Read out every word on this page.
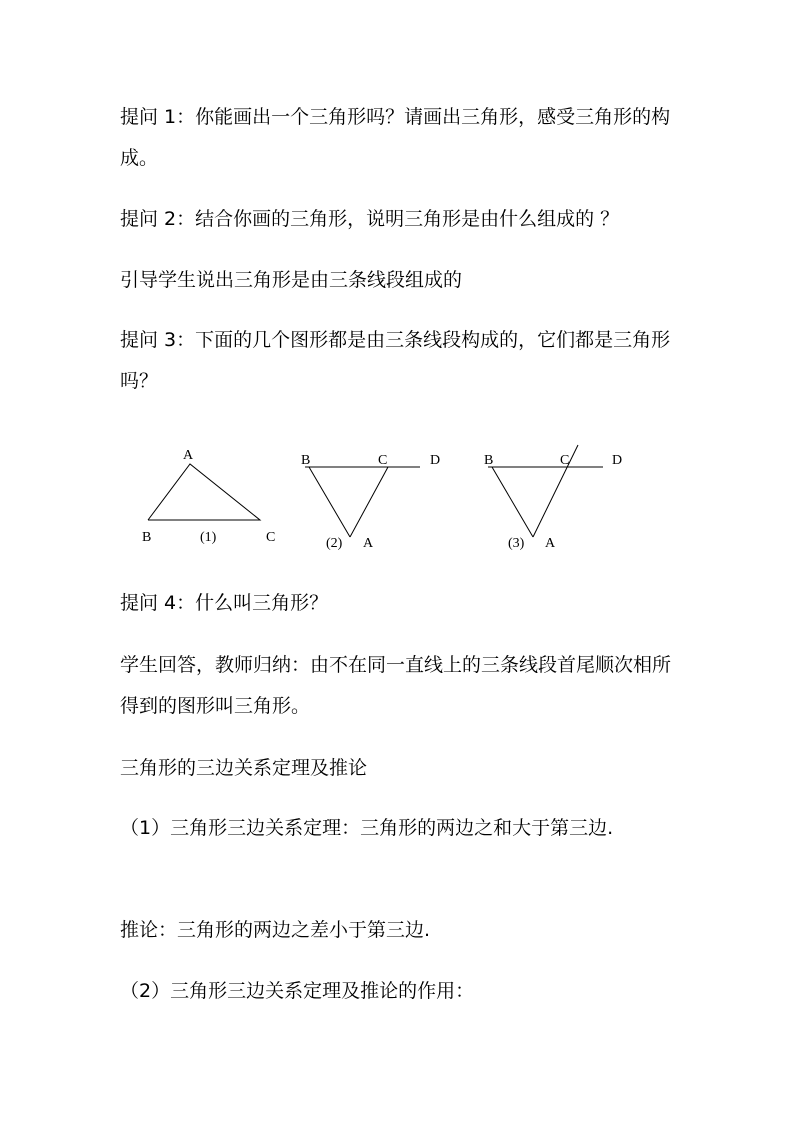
提问 1：你能画出一个三角形吗？请画出三角形，感受三角形的构成。

提问 2：结合你画的三角形，说明三角形是由什么组成的 ？

引导学生说出三角形是由三条线段组成的

提问 3：下面的几个图形都是由三条线段构成的，它们都是三角形吗？

A
B	C
(1)
B	C	D
A
(2)
B	C	D
A
(3)

提问 4：什么叫三角形？

学生回答，教师归纳：由不在同一直线上的三条线段首尾顺次相所得到的图形叫三角形。

三角形的三边关系定理及推论

（1）三角形三边关系定理：三角形的两边之和大于第三边.

推论：三角形的两边之差小于第三边.

（2）三角形三边关系定理及推论的作用：
